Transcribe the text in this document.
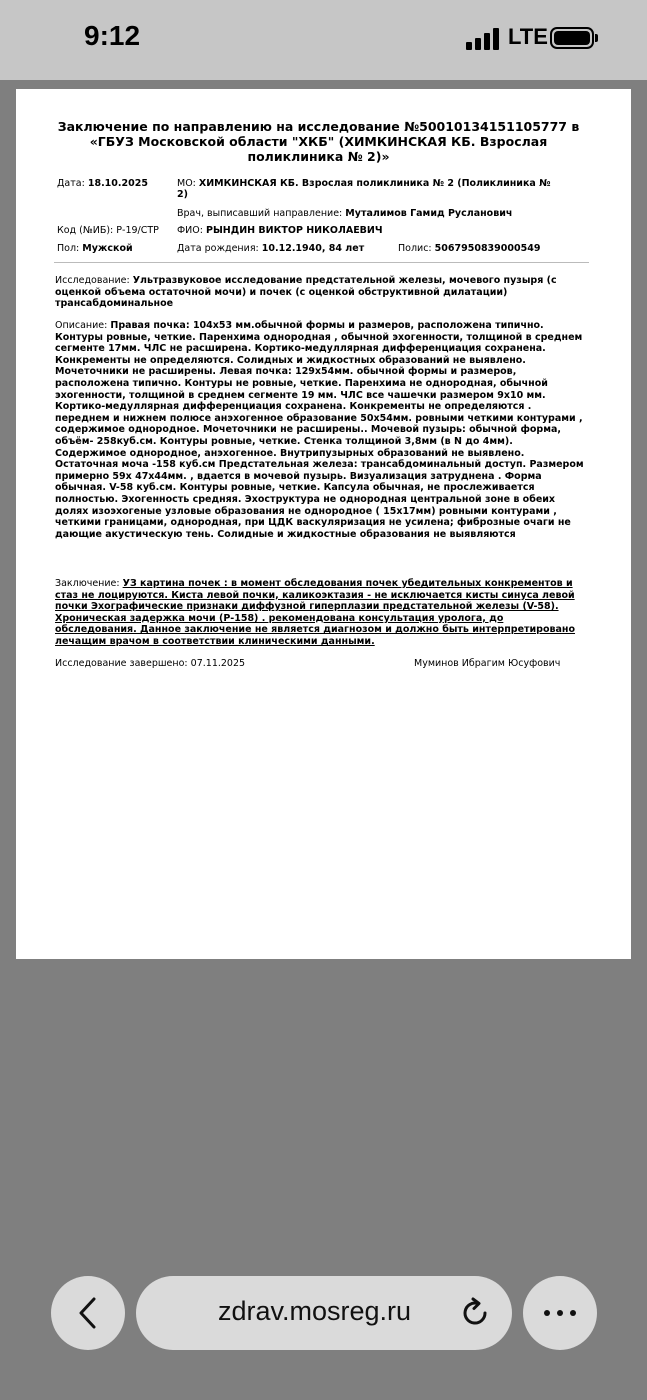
9:12	LTE
Заключение по направлению на исследование №50010134151105777 в «ГБУЗ Московской области "ХКБ" (ХИМКИНСКАЯ КБ. Взрослая поликлиника № 2)»
Дата: 18.10.2025	МО: ХИМКИНСКАЯ КБ. Взрослая поликлиника № 2 (Поликлиника № 2)
Врач, выписавший направление: Муталимов Гамид Русланович
Код (№ИБ): Р-19/СТР ФИО: РЫНДИН ВИКТОР НИКОЛАЕВИЧ
Пол: Мужской	Дата рождения: 10.12.1940, 84 лет	Полис: 5067950839000549
Исследование: Ультразвуковое исследование предстательной железы, мочевого пузыря (с оценкой объема остаточной мочи) и почек (с оценкой обструктивной дилатации) трансабдоминальное
Описание: Правая почка: 104х53 мм.обычной формы и размеров, расположена типично. Контуры ровные, четкие. Паренхима однородная , обычной эхогенности, толщиной в среднем сегменте 17мм. ЧЛС не расширена. Кортико-медуллярная дифференциация сохранена. Конкременты не определяются. Солидных и жидкостных образований не выявлено. Мочеточники не расширены. Левая почка: 129х54мм. обычной формы и размеров, расположена типично. Контуры не ровные, четкие. Паренхима не однородная, обычной эхогенности, толщиной в среднем сегменте 19 мм. ЧЛС все чашечки размером 9х10 мм. Кортико-медуллярная дифференциация сохранена. Конкременты не определяются . переднем и нижнем полюсе анэхогенное образование 50х54мм. ровными четкими контурами , содержимое однородное. Мочеточники не расширены.. Мочевой пузырь: обычной форма, объём- 258куб.см. Контуры ровные, четкие. Стенка толщиной 3,8мм (в N до 4мм). Содержимое однородное, анэхогенное. Внутрипузырных образований не выявлено. Остаточная моча -158 куб.см Предстательная железа: трансабдоминальный доступ. Размером примерно 59х 47х44мм. , вдается в мочевой пузырь. Визуализация затруднена . Форма обычная. V-58 куб.см. Контуры ровные, четкие. Капсула обычная, не прослеживается полностью. Эхогенность средняя. Эхоструктура не однородная центральной зоне в обеих долях изоэхогеные узловые образования не однородное ( 15х17мм) ровными контурами , четкими границами, однородная, при ЦДК васкуляризация не усилена; фиброзные очаги не дающие акустическую тень. Солидные и жидкостные образования не выявляются
Заключение: УЗ картина почек : в момент обследования почек убедительных конкрементов и стаз не лоцируются. Киста левой почки, каликоэктазия - не исключается кисты синуса левой почки Эхографические признаки диффузной гиперплазии предстательной железы (V-58). Хроническая задержка мочи (Р-158) . рекомендована консультация уролога, до обследования. Данное заключение не является диагнозом и должно быть интерпретировано лечащим врачом в соответствии клиническими данными.
Исследование завершено: 07.11.2025	Муминов Ибрагим Юсуфович
zdrav.mosreg.ru
